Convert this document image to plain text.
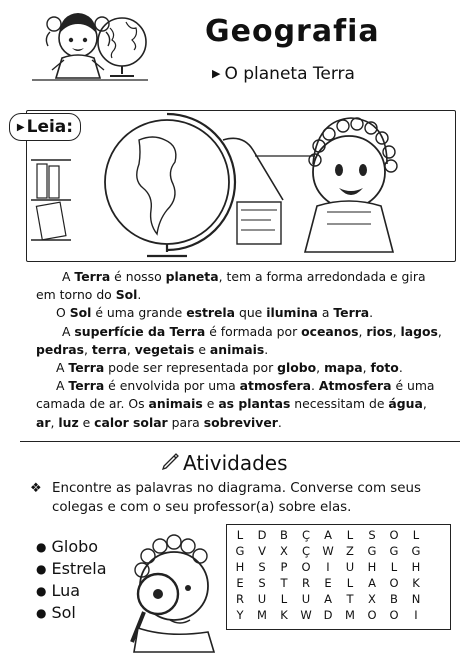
Geografia
▶ O planeta Terra
▶ Leia:

A Terra é nosso planeta, tem a forma arredondada e gira em torno do Sol.

O Sol é uma grande estrela que ilumina a Terra.

A superfície da Terra é formada por oceanos, rios, lagos, pedras, terra, vegetais e animais.

A Terra pode ser representada por globo, mapa, foto.

A Terra é envolvida por uma atmosfera. Atmosfera é uma camada de ar. Os animais e as plantas necessitam de água, ar, luz e calor solar para sobreviver.

Atividades
❖ Encontre as palavras no diagrama. Converse com seus colegas e com o seu professor(a) sobre elas.
● Globo
● Estrela
● Lua
● Sol
L	D	B	Ç	A	L	S	O	L
G	V	X	Ç	W	Z	G	G	G
H	S	P	O	I	U	H	L	H
E	S	T	R	E	L	A	O	K
R	U	L	U	A	T	X	B	N
Y	M	K	W	D	M	O	O	I
